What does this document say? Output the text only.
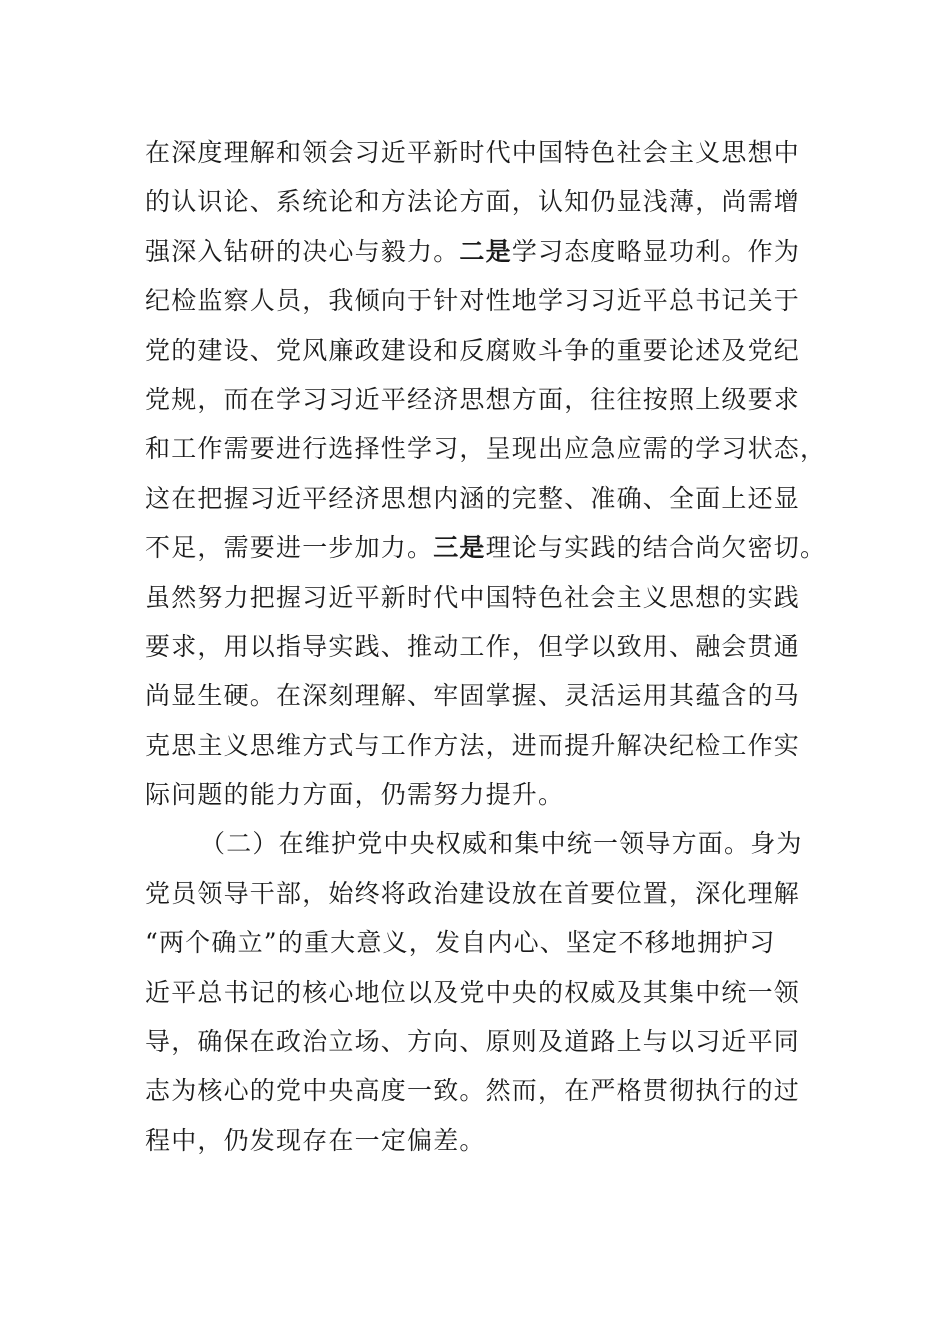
在深度理解和领会习近平新时代中国特色社会主义思想中
的认识论、系统论和方法论方面，认知仍显浅薄，尚需增
强深入钻研的决心与毅力。二是学习态度略显功利。作为
纪检监察人员，我倾向于针对性地学习习近平总书记关于
党的建设、党风廉政建设和反腐败斗争的重要论述及党纪
党规，而在学习习近平经济思想方面，往往按照上级要求
和工作需要进行选择性学习，呈现出应急应需的学习状态，
这在把握习近平经济思想内涵的完整、准确、全面上还显
不足，需要进一步加力。三是理论与实践的结合尚欠密切。
虽然努力把握习近平新时代中国特色社会主义思想的实践
要求，用以指导实践、推动工作，但学以致用、融会贯通
尚显生硬。在深刻理解、牢固掌握、灵活运用其蕴含的马
克思主义思维方式与工作方法，进而提升解决纪检工作实
际问题的能力方面，仍需努力提升。
（二）在维护党中央权威和集中统一领导方面。身为
党员领导干部，始终将政治建设放在首要位置，深化理解
“两个确立”的重大意义，发自内心、坚定不移地拥护习
近平总书记的核心地位以及党中央的权威及其集中统一领
导，确保在政治立场、方向、原则及道路上与以习近平同
志为核心的党中央高度一致。然而，在严格贯彻执行的过
程中，仍发现存在一定偏差。
